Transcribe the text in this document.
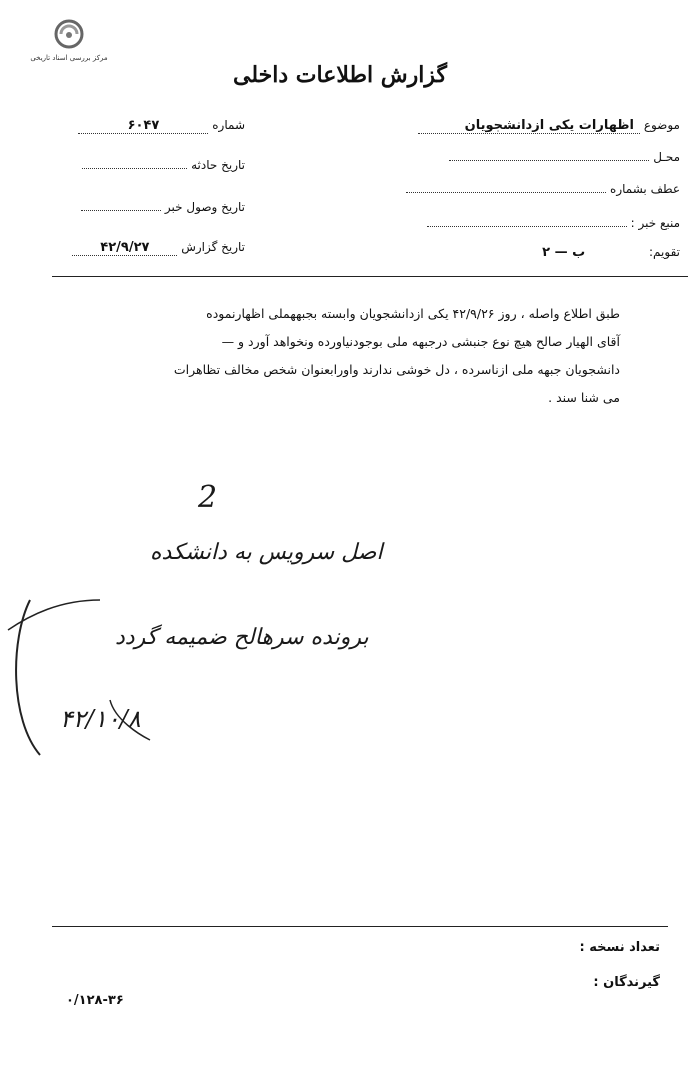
مرکز بررسی اسناد تاریخی
گزارش اطلاعات داخلی
موضوع اظهارات یکی ازدانشجویان
محـل
عطف بشماره
منبع خبر :
تقویم: ب — ۲
شماره ۶۰۴۷
تاریخ حادثه
تاریخ وصول خبر
تاریخ گزارش ۴۲/۹/۲۷
طبق اطلاع واصله ، روز ۴۲/۹/۲۶ یکی ازدانشجویان وابسته بجبههملی اظهارنموده
آقای الهیار صالح هیچ نوع جنبشی درجبهه ملی بوجودنیاورده ونخواهد آورد و —
دانشجویان جبهه ملی ازناسرده ، دل خوشی ندارند واورابعنوان شخص مخالف تظاهرات
می شنا سند .
2
اصل سرویس به دانشکده
برونده سرهالح ضمیمه گردد
۴۲/۱۰/۸
تعداد نسخه :
گیرندگان :
۰/۱۲۸-۳۶
